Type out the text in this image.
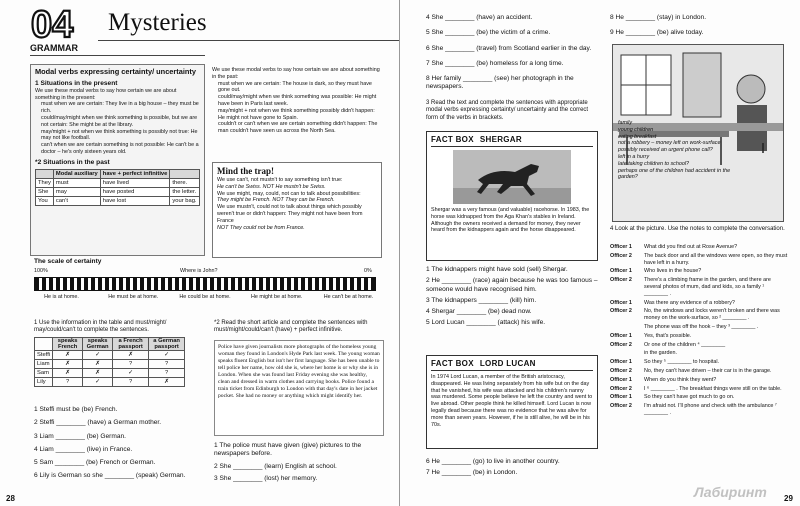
04 Mysteries
GRAMMAR
Modal verbs expressing certainty/ uncertainty
1 Situations in the present
We use these modal verbs to say how certain we are about something in the present:
must when we are certain: They live in a big house – they must be rich.
could/may/might when we think something is possible, but we are not certain: She might be at the library.
may/might + not when we think something is possibly not true: He may not like football.
can't when we are certain something is not possible: He can't be a doctor – he's only sixteen years old.
*2 Situations in the past
	Modal auxiliary	have + perfect infinitive	
They	must	have lived	there.
She	may	have posted	the letter.
You	can't	have lost	your bag.
We use these modal verbs to say how certain we are about something in the past:
must when we are certain: The house is dark, so they must have gone out.
could/may/might when we think something was possible: He might have been in Paris last week.
may/might + not when we think something possibly didn't happen: He might not have gone to Spain.
couldn't or can't when we are certain something didn't happen: The man couldn't have seen us across the North Sea.
Mind the trap!
We use can't, not mustn't to say something isn't true:
He can't be Swiss. NOT He mustn't be Swiss.
We use might, may, could, not can to talk about possibilities:
They might be French. NOT They can be French.
We use mustn't, could not to talk about things which possibly weren't true or didn't happen: They might not have been from France
NOT They could not be from France.
The scale of certainty
100%	Where is John?	0%
He is at home.	He must be at home.	He could be at home.	He might be at home.	He can't be at home.
1 Use the information in the table and must/might/ may/could/can't to complete the sentences.
	speaks French	speaks German	a French passport	a German passport
Steffi	✗	✓	✗	✓
Liam	✗	✗	?	?
Sam	✗	✗	✓	?
Lily	?	✓	?	✗
1 Steffi must be (be) French.
2 Steffi ________ (have) a German mother.
3 Liam ________ (be) German.
4 Liam ________ (live) in France.
5 Sam ________ (be) French or German.
6 Lily is German so she ________ (speak) German.
*2 Read the short article and complete the sentences with must/might/could/can't (have) + perfect infinitive.
Police have given journalists more photographs of the homeless young woman they found in London's Hyde Park last week. The young woman speaks fluent English but isn't her first language. She has been unable to tell police her name, how old she is, where her home is or why she is in London. When she was found last Friday evening she was healthy, clean and dressed in warm clothes and carrying books. Police found a train ticket from Edinburgh to London with that day's date in her jacket pocket. She had no money or anything which might identify her.
1 The police must have given (give) pictures to the newspapers before.
2 She ________ (learn) English at school.
3 She ________ (lost) her memory.
28
4 She ________ (have) an accident.
5 She ________ (be) the victim of a crime.
6 She ________ (travel) from Scotland earlier in the day.
7 She ________ (be) homeless for a long time.
8 Her family ________ (see) her photograph in the newspapers.
3 Read the text and complete the sentences with appropriate modal verbs expressing certainty/ uncertainty and the correct form of the verbs in brackets.
FACT BOX SHERGAR
Shergar was a very famous (and valuable) racehorse. In 1983, the horse was kidnapped from the Aga Khan's stables in Ireland. Although the owners received a demand for money, they never heard from the kidnappers again and the horse disappeared.
1 The kidnappers might have sold (sell) Shergar.
2 He ________ (race) again because he was too famous – someone would have recognised him.
3 The kidnappers ________ (kill) him.
4 Shergar ________ (be) dead now.
5 Lord Lucan ________ (attack) his wife.
FACT BOX LORD LUCAN
In 1974 Lord Lucan, a member of the British aristocracy, disappeared. He was living separately from his wife but on the day that he vanished, his wife was attacked and his children's nanny was murdered. Some people believe he left the country and went to live abroad. Other people think he killed himself. Lord Lucan is now legally dead because there was no evidence that he was alive for more than seven years. However, if he is still alive, he will be in his 70s.
6 He ________ (go) to live in another country.
7 He ________ (be) in London.
8 He ________ (stay) in London.
9 He ________ (be) alive today.
family
young children
eating breakfast
not a robbery – money left on work-surface
possibly received an urgent phone call?
left in a hurry
late taking children to school?
perhaps one of the children had accident in the garden?
4 Look at the picture. Use the notes to complete the conversation.
Officer 1	What did you find out at Rose Avenue?
Officer 2	The back door and all the windows were open, so they must have left in a hurry.
Officer 1	Who lives in the house?
Officer 2	There's a climbing frame in the garden, and there are several photos of mum, dad and kids, so a family ¹ ________ .
Officer 1	Was there any evidence of a robbery?
Officer 2	No, the windows and locks weren't broken and there was money on the work-surface, so ² ________ .
The phone was off the hook – they ³ ________ .
Officer 1	Yes, that's possible.
Officer 2	Or one of the children ⁴ ________
in the garden.
Officer 1	So they ⁵ ________ to hospital.
Officer 2	No, they can't have driven – their car is in the garage.
Officer 1	When do you think they went?
Officer 2	I ⁶ ________ . The breakfast things were still on the table.
Officer 1	So they can't have got much to go on.
Officer 2	I'm afraid not. I'll phone and check with the ambulance ⁷ ________ .
Лабиринт 29
